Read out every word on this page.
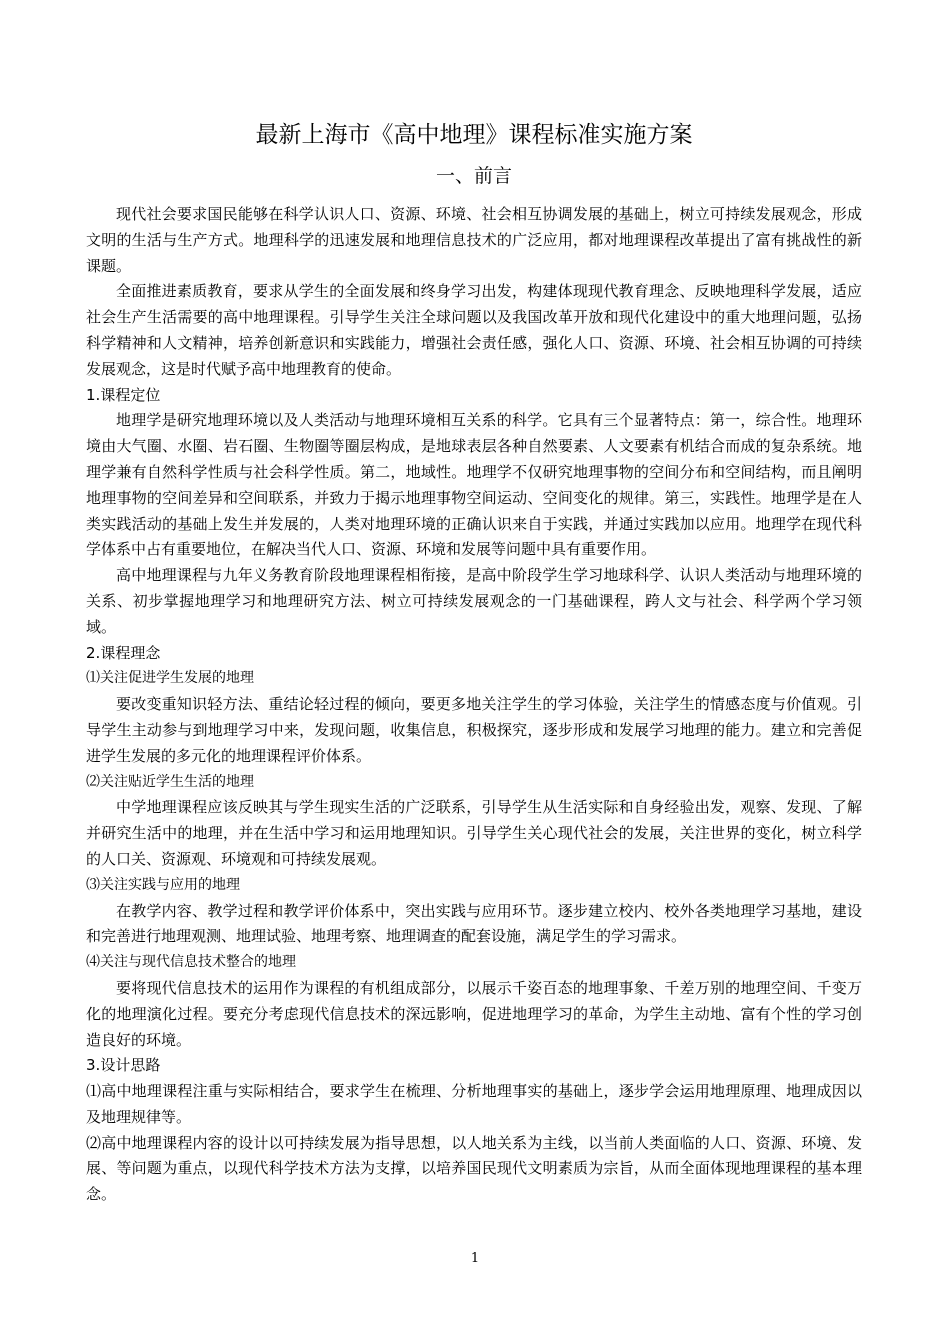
最新上海市《高中地理》课程标准实施方案
一、前言

现代社会要求国民能够在科学认识人口、资源、环境、社会相互协调发展的基础上，树立可持续发展观念，形成文明的生活与生产方式。地理科学的迅速发展和地理信息技术的广泛应用，都对地理课程改革提出了富有挑战性的新课题。

全面推进素质教育，要求从学生的全面发展和终身学习出发，构建体现现代教育理念、反映地理科学发展，适应社会生产生活需要的高中地理课程。引导学生关注全球问题以及我国改革开放和现代化建设中的重大地理问题，弘扬科学精神和人文精神，培养创新意识和实践能力，增强社会责任感，强化人口、资源、环境、社会相互协调的可持续发展观念，这是时代赋予高中地理教育的使命。

1.课程定位

地理学是研究地理环境以及人类活动与地理环境相互关系的科学。它具有三个显著特点：第一，综合性。地理环境由大气圈、水圈、岩石圈、生物圈等圈层构成，是地球表层各种自然要素、人文要素有机结合而成的复杂系统。地理学兼有自然科学性质与社会科学性质。第二，地域性。地理学不仅研究地理事物的空间分布和空间结构，而且阐明地理事物的空间差异和空间联系，并致力于揭示地理事物空间运动、空间变化的规律。第三，实践性。地理学是在人类实践活动的基础上发生并发展的，人类对地理环境的正确认识来自于实践，并通过实践加以应用。地理学在现代科学体系中占有重要地位，在解决当代人口、资源、环境和发展等问题中具有重要作用。

高中地理课程与九年义务教育阶段地理课程相衔接，是高中阶段学生学习地球科学、认识人类活动与地理环境的关系、初步掌握地理学习和地理研究方法、树立可持续发展观念的一门基础课程，跨人文与社会、科学两个学习领域。

2.课程理念

⑴关注促进学生发展的地理

要改变重知识轻方法、重结论轻过程的倾向，要更多地关注学生的学习体验，关注学生的情感态度与价值观。引导学生主动参与到地理学习中来，发现问题，收集信息，积极探究，逐步形成和发展学习地理的能力。建立和完善促进学生发展的多元化的地理课程评价体系。

⑵关注贴近学生生活的地理

中学地理课程应该反映其与学生现实生活的广泛联系，引导学生从生活实际和自身经验出发，观察、发现、了解并研究生活中的地理，并在生活中学习和运用地理知识。引导学生关心现代社会的发展，关注世界的变化，树立科学的人口关、资源观、环境观和可持续发展观。

⑶关注实践与应用的地理

在教学内容、教学过程和教学评价体系中，突出实践与应用环节。逐步建立校内、校外各类地理学习基地，建设和完善进行地理观测、地理试验、地理考察、地理调查的配套设施，满足学生的学习需求。

⑷关注与现代信息技术整合的地理

要将现代信息技术的运用作为课程的有机组成部分，以展示千姿百态的地理事象、千差万别的地理空间、千变万化的地理演化过程。要充分考虑现代信息技术的深远影响，促进地理学习的革命，为学生主动地、富有个性的学习创造良好的环境。

3.设计思路

⑴高中地理课程注重与实际相结合，要求学生在梳理、分析地理事实的基础上，逐步学会运用地理原理、地理成因以及地理规律等。

⑵高中地理课程内容的设计以可持续发展为指导思想，以人地关系为主线，以当前人类面临的人口、资源、环境、发展、等问题为重点，以现代科学技术方法为支撑，以培养国民现代文明素质为宗旨，从而全面体现地理课程的基本理念。

1
